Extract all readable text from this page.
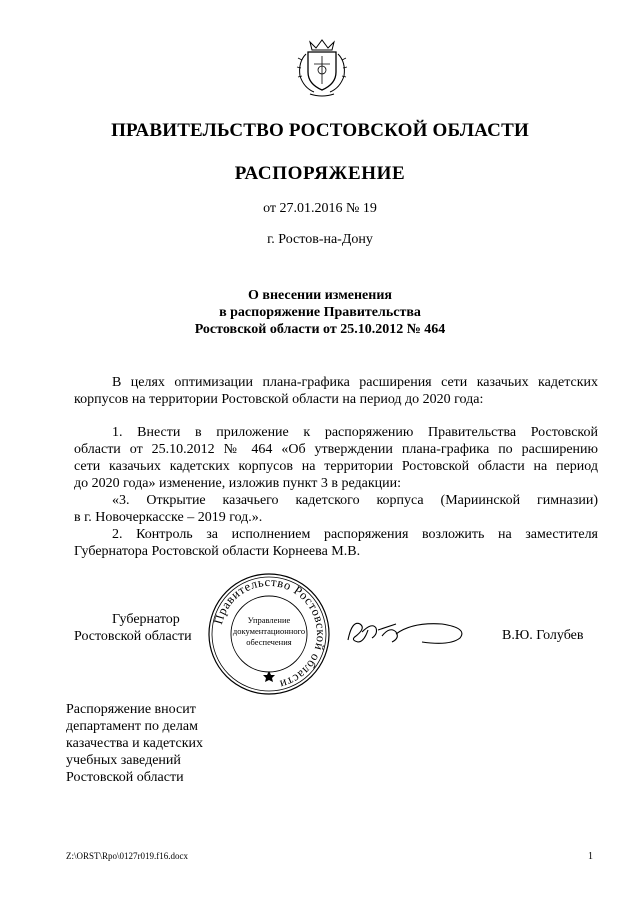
ПРАВИТЕЛЬСТВО РОСТОВСКОЙ ОБЛАСТИ
РАСПОРЯЖЕНИЕ
от 27.01.2016 № 19
г. Ростов-на-Дону
О внесении изменения
в распоряжение Правительства
Ростовской области от 25.10.2012 № 464
В целях оптимизации плана-графика расширения сети казачьих кадетских
корпусов на территории Ростовской области на период до 2020 года:
1. Внести в приложение к распоряжению Правительства Ростовской
области от 25.10.2012 № 464 «Об утверждении плана-графика по расширению
сети казачьих кадетских корпусов на территории Ростовской области на период
до 2020 года» изменение, изложив пункт 3 в редакции:
«3. Открытие казачьего кадетского корпуса (Мариинской гимназии)
в г. Новочеркасске – 2019 год.».
2. Контроль за исполнением распоряжения возложить на заместителя
Губернатора Ростовской области Корнеева М.В.
Губернатор
Ростовской области
Правительство Ростовской области
Управление
документационного
обеспечения	В.Ю. Голубев
Распоряжение вносит
департамент по делам
казачества и кадетских
учебных заведений
Ростовской области
Z:\ORST\Rpo\0127r019.f16.docx	1
